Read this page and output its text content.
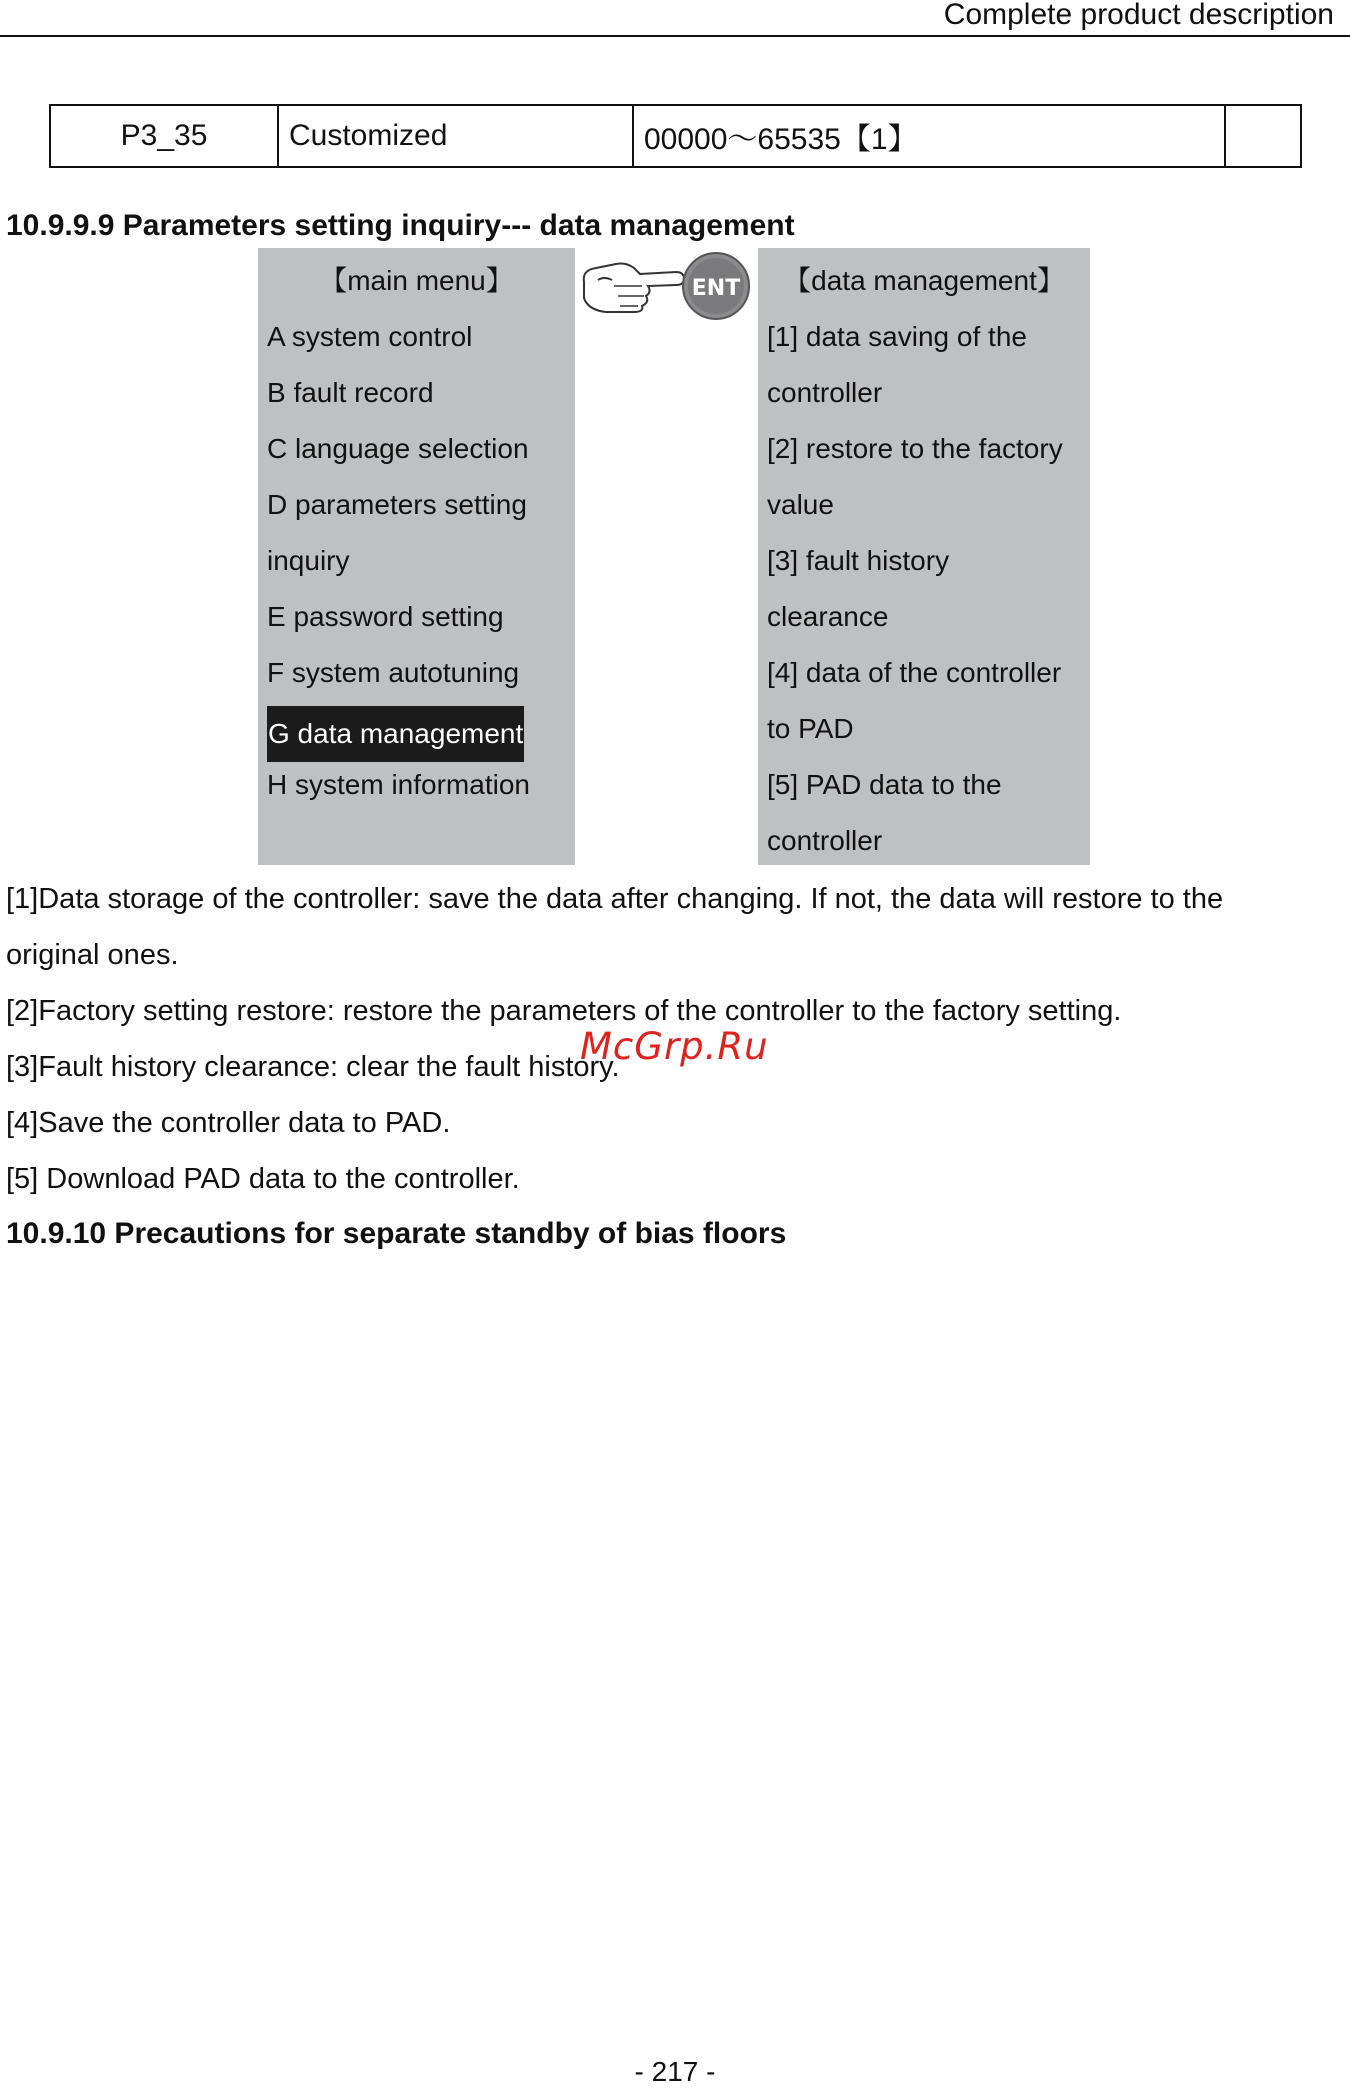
Complete product description
P3_35	Customized	00000～65535【1】	
10.9.9.9 Parameters setting inquiry--- data management
【main menu】
A system control
B fault record
C language selection
D parameters setting
inquiry
E password setting
F system autotuning
G data management
H system information
ENT	【data management】
[1] data saving of the
controller
[2] restore to the factory
value
[3] fault history
clearance
[4] data of the controller
to PAD
[5] PAD data to the
controller
[1]Data storage of the controller: save the data after changing. If not, the data will restore to the
original ones.
[2]Factory setting restore: restore the parameters of the controller to the factory setting.
[3]Fault history clearance: clear the fault history.
[4]Save the controller data to PAD.
[5] Download PAD data to the controller.
McGrp.Ru
10.9.10 Precautions for separate standby of bias floors
- 217 -
